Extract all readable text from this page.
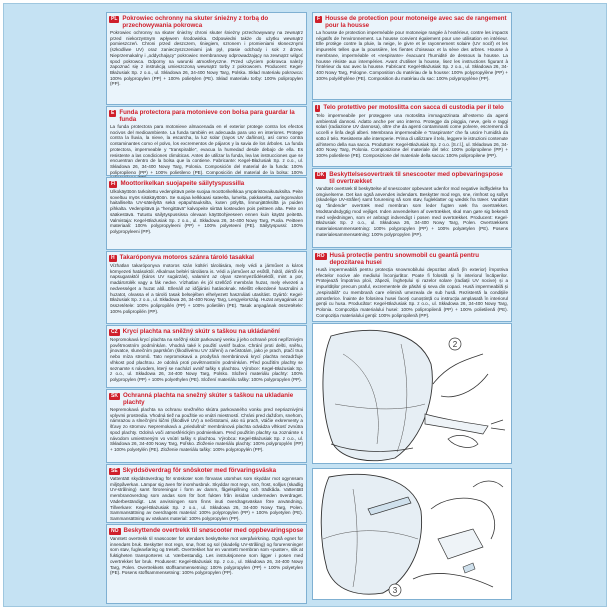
PL Pokrowiec ochronny na skuter śnieżny z torbą do przechowywania pokrowca
Pokrowiec ochronny na skuter śnieżny chroni skuter śnieżny przechowywany na zewnątrz przed niekorzystnym wpływem środowiska. Odpowiedni także do użytku wewnątrz pomieszczeń. Chroni przed deszczem, śniegiem, szronem i promieniami słonecznymi (szkodliwe UV) oraz zanieczyszczeniami jak pył, ptasie odchody i sok z drzew. Nieprzemakalny i „oddychający” pokrowiec membranowy odprowadzający na zewnątrz wilgoć spod pokrowca. Odporny na warunki atmosferyczne. Przed użyciem pokrowca należy zapoznać się z instrukcją umieszczoną wewnątrz torby z pokrowcem. Producent: Kegel-Błażusiak Sp. z o.o., ul. Składowa 26, 34-400 Nowy Targ, Polska. Skład materiału pokrowca: 100% polypropylen (PP) + 100% polietylen (PE). Skład materiału torby: 100% polipropylen (PP).
E Funda protectora para motonieve con bolsa para guardar la funda
La funda protectora para motonieve almacenada en el exterior protege contra los efectos nocivos del medioambiente. La funda también es adecuada para uso en interiores. Protege contra la lluvia, la nieve, la escarcha, la luz solar (rayos UV dañinos), así como contra contaminantes como el polvo, los excrementos de pájaros y la savia de los árboles. La funda protectora, impermeable y “transpirable”, evacua la humedad desde debajo de ella. Es resistente a las condiciones climáticas. Antes de utilizar la funda, lea las instrucciones que se encuentran dentro de la bolsa que la contiene. Fabricante: Kegel-Błażusiak Sp. z o.o., ul. Składowa 26, 34-400 Nowy Targ, Polonia. Composición del material de la funda: 100% polipropileno (PP) + 100% polietileno (PE). Composición del material de la bolsa: 100%
FI Moottorikelkan suojapeite säilytyspussilla
Ulkokäyttöön tarkoitettu vedenpitävä peite suojaa moottorikelkkaa ympäristövaikutuksilta. Peite soveltuu myös sisäkäyttöön. Se suojaa kelkkaasi sateelta, lumelta, pakkaselta, auringonvalon haitalliselta UV-säteilyltä sekä epäpuhtauksilta, kuten pölyltä, linnunjätöksiltä ja puiden pihkalta. Vedenpitävä ja ”hengittävä” kalvopeite siirtää kosteuden pois peitteen alta. Peite on sääkestävä. Tutustu säilytyspussissa olevaan käyttöohjeeseen ennen kuin käytät peitettä. Valmistaja: Kegel-Błażusiak Sp. z o.o., ul. Składowa 26, 34-400 Nowy Targ, Puola. Peitteen materiaali: 100% polypropyleeni (PP) + 100% polyeteeni (PE). Säilytyspussi: 100% polypropyleeni (PP).
H Takaróponyva motoros szánra tároló tasakkal
Vízhatlan takaróponyva motoros szán kültéri tárolására, mely védi a járművet a káros környezeti hatásoktól. Alkalmas beltéri tárolásra is. Védi a járművet az esőtől, hótól, dértől és napsugaraktól (káros UV sugárzás), valamint az olyan szennyeződésektől, mint a por, madárürülék vagy a fák nedve. Vízhatlan és jól szellőző membrán huzat, mely elvezeti a nedvességet a huzat alól. Ellenáll az időjárási hatásoknak. Mielőtt elkezdené használni a huzatot, olvassa el a tároló tasak belsejében elhelyezett használati utasítást. Gyártó: Kegel-Błażusiak Sp. z o.o., ul. Składowa 26, 34-400 Nowy Targ, Lengyelország. Huzat anyagának az összetétele: 100% polipropilén (PP) + 100% polietilén (PE). Tasak anyagának összetétele: 100% polipropilén (PP).
CZ Krycí plachta na sněžný skútr s taškou na ukládanění
Nepromokavá krycí plachta na sněžný skútr parkovaný venku ji jeho ochrané proti nepříznivým povětrnostním podmínkám. Vhodná také k použití uvnitř budov. Chrání proti dešti, sněhu, jinovatce, slunečním paprskům (škodlivému UV záření) a nečistotám, jako je prach, ptačí trus nebo míza stromů. Tato nepromokavá a prodyšná membránová krycí plachta nezadržuje vlhkost pod plachtou. Je odolná proti povětrnostním podmínkám. Před použitím plachty se seznamte s návodem, který se nachází uvnitř tašky s plachtou. Výrobce: Kegel-Błażusiak Sp. z o.o., ul. Składowa 26, 34-400 Nowy Targ, Polsko. Složení materiálu plachty: 100% polypropylen (PP) + 100% polyethylen (PE). Složení materiálu tašky: 100% polypropylen (PP).
SK Ochranná plachta na snežný skúter s taškou na ukladanie plachty
Nepremokavá plachta na ochranu snežného skútra parkovaného vonku pred nepriaznivými vplyvmi prostredia. Vhodná tiež na použitie vo vnútri miestností. Chráni pred dažďom, snehom, námrazou a slnečnými lúčmi (škodlivé UV) a nečistotami, ako sú prach, vtáčie exkrementy a šťavy zo stromov. Nepremokavá a „priedušná“ membránová plachta odvádza vlhkosť zvnútra spod plachty. Odolná voči atmosférickým podmienkam. Pred použitím plachty sa zoznámte s návodom umiestneným vo vnútri tašky s plachtou. Výrobca: Kegel-Błażusiak Sp. z o.o., ul. Składowa 26, 34-400 Nowy Targ, Poľsko. Zloženie materiálu plachty: 100% polypropylén (PP) + 100% polyetylén (PE). Zloženie materiálu tašky: 100% polypropylén (PP).
SE Skyddsöverdrag för snöskoter med förvaringsväska
Vattentätt skyddsöverdrag för snöskoter som förvaras utomhus som skyddar mot ogynnsam miljöpåverkan. Lämpar sig även för inomhusbruk. Skyddar mot regn, snö, frost, solljus (skadlig UV-strålning) samt föroreningar i form av damm, fågelspillning och trädkåda. Vattentätt membranöverdrag som andas som för bort fukten från insidan underneden överdraget. Väderbeständigt. Läs anvisningen som finns inuti överdragsväskan före användning. Tillverkare: Kegel-Błażusiak Sp. z o.o., ul. Składowa 26, 34-400 Nowy Targ, Polen. Sammansättning av överdragets material: 100% polypropylen (PP) + 100% polyetylen (PE). Sammansättning av väskans material: 100% polypropylen (PP).
NO Beskyttende overtrekk til snøscooter med oppbevaringspose
Vanntett overtrekk til snøscooter for utendørs beskyttelse mot værpåvirkning. Også egnet for innendørs bruk. Beskytter mot regn, snø, frost og sol (skadelig UV-stråling) og forurensninger som støv, fugleavføring og treseft. Overtrekket har en vanntett membran som «puster», slik at fuktigheten transporteres ut. Værbestandig. Les instruksjonene som ligger i posen med overtrekket før bruk. Produsent: Kegel-Błażusiak Sp. z o.o., ul. Składowa 26, 34-400 Nowy Targ, Polen. Overtrekkets stoffsammensetning: 100% polypropylen (PP) + 100% polyetylen (PE). Posens stoffsammensetning: 100% polypropylen (PP).
F Housse de protection pour motoneige avec sac de rangement pour la housse
La housse de protection imperméable pour motoneige rangée à l’extérieur, contre les impacts négatifs de l’environnement. La housse convient également pour une utilisation en intérieur. Elle protège contre la pluie, la neige, le givre et le rayonnement solaire (UV nocif) et les impuretés telles que la poussière, les fientes d’oiseaux et la sève des arbres. Housse à membrane, imperméable et «respirante» évacuant l’humidité de dessous la housse. La housse résiste aux intempéries. Avant d’utiliser la housse, lisez les instructions figurant à l’intérieur du sac avec la housse. Fabricant: Kegel-Błażusiak Sp. z o.o., ul. Składowa 26, 34-400 Nowy Targ, Pologne. Composition du matériau de la housse: 100% polypropylène (PP) + 100% polyéthylène (PE). Composition du matériau du sac: 100% polypropylène (PP).
I Telo protettivo per motoslitta con sacca di custodia per il telo
Telo impermeabile per proteggere una motoslitta immagazzinata all’esterno da agenti ambientali dannosi. Adatto anche per uso interno. Protegge da pioggia, neve, gelo e raggi solari (radiazione UV dannosa), oltre che da agenti contaminanti come polvere, escrementi di uccelli e linfa degli alberi. Membrana impermeabile e “traspirante” che fa uscire l’umidità da sotto il telo. Resistente alle intemperie. Prima di utilizzare il telo, leggere le istruzioni contenute all’interno della sua sacca. Produttore: Kegel-Błażusiak Sp. z o.o. [S.r.l.], ul. Składowa 26, 34-400 Nowy Targ, Polonia. Composizione del materiale del telo: 100% polipropilene (PP) + 100% polietilene (PE). Composizione del materiale della sacca: 100% polipropilene (PP).
DK Beskyttelsesovertræk til snescooter med opbevaringspose til overtrækket
Vandtæt overtræk til beskyttelse af snescooter opbevaret udenfor mod negative indflydelse fra omgivelserne. Det kan også anvendes indendørs. Beskytter mod regn, sne, rimfrost og sollys (skadelige UV-stråler) samt forurening så som støv, fugleklatter og vædsk fra træer. Vandtæt og ”åndende” overtræk med membran som leder fugten væk fra overtrækket. Modstandsdygtig mod vejliget. Inden anvendelsen af overtrækket, skal man gøre sig bekendt med vejledningen, som er anbragt indvendigt i posen med overtrækket. Producent: Kegel-Błażusiak Sp. z o.o., ul. Składowa 26, 34-400 Nowy Targ, Polen. Overtrækkets materialesammensætning: 100% polypropylen (PP) + 100% polyætylen (PE). Posens materialesammensætning: 100% polypropylen (PP).
RO Husă protecție pentru snowmobil cu geantă pentru depozitarea husei
Husă impermeabilă pentru protecția snowmobilului depozitat afară (în exterior) împotriva efectelor nocive ale mediului înconjurător. Poate fi folosită și în interiorul încăperilor. Protejează împotriva ploii, zăpezii, înghețului și razelor solare (radiații UV nocive) și a impurităților precum praful, excrementele de păsări și seva din copaci. Husă impermeabilă și „respirabilă” cu membrană care elimină umezeala de sub husă. Rezistentă la condițiile atmosferice. Înainte de folosirea husei faceți cunoștință cu instrucția amplasată în interiorul genții cu husa. Producător: Kegel-Błażusiak Sp. z o.o., ul. Składowa 26, 34-400 Nowy Targ, Polonia. Compoziția materialului husei: 100% polipropilenă (PP) + 100% polietilenă (PE). Compoziția materialului genții: 100% polipropilenă (PP).
2
3
